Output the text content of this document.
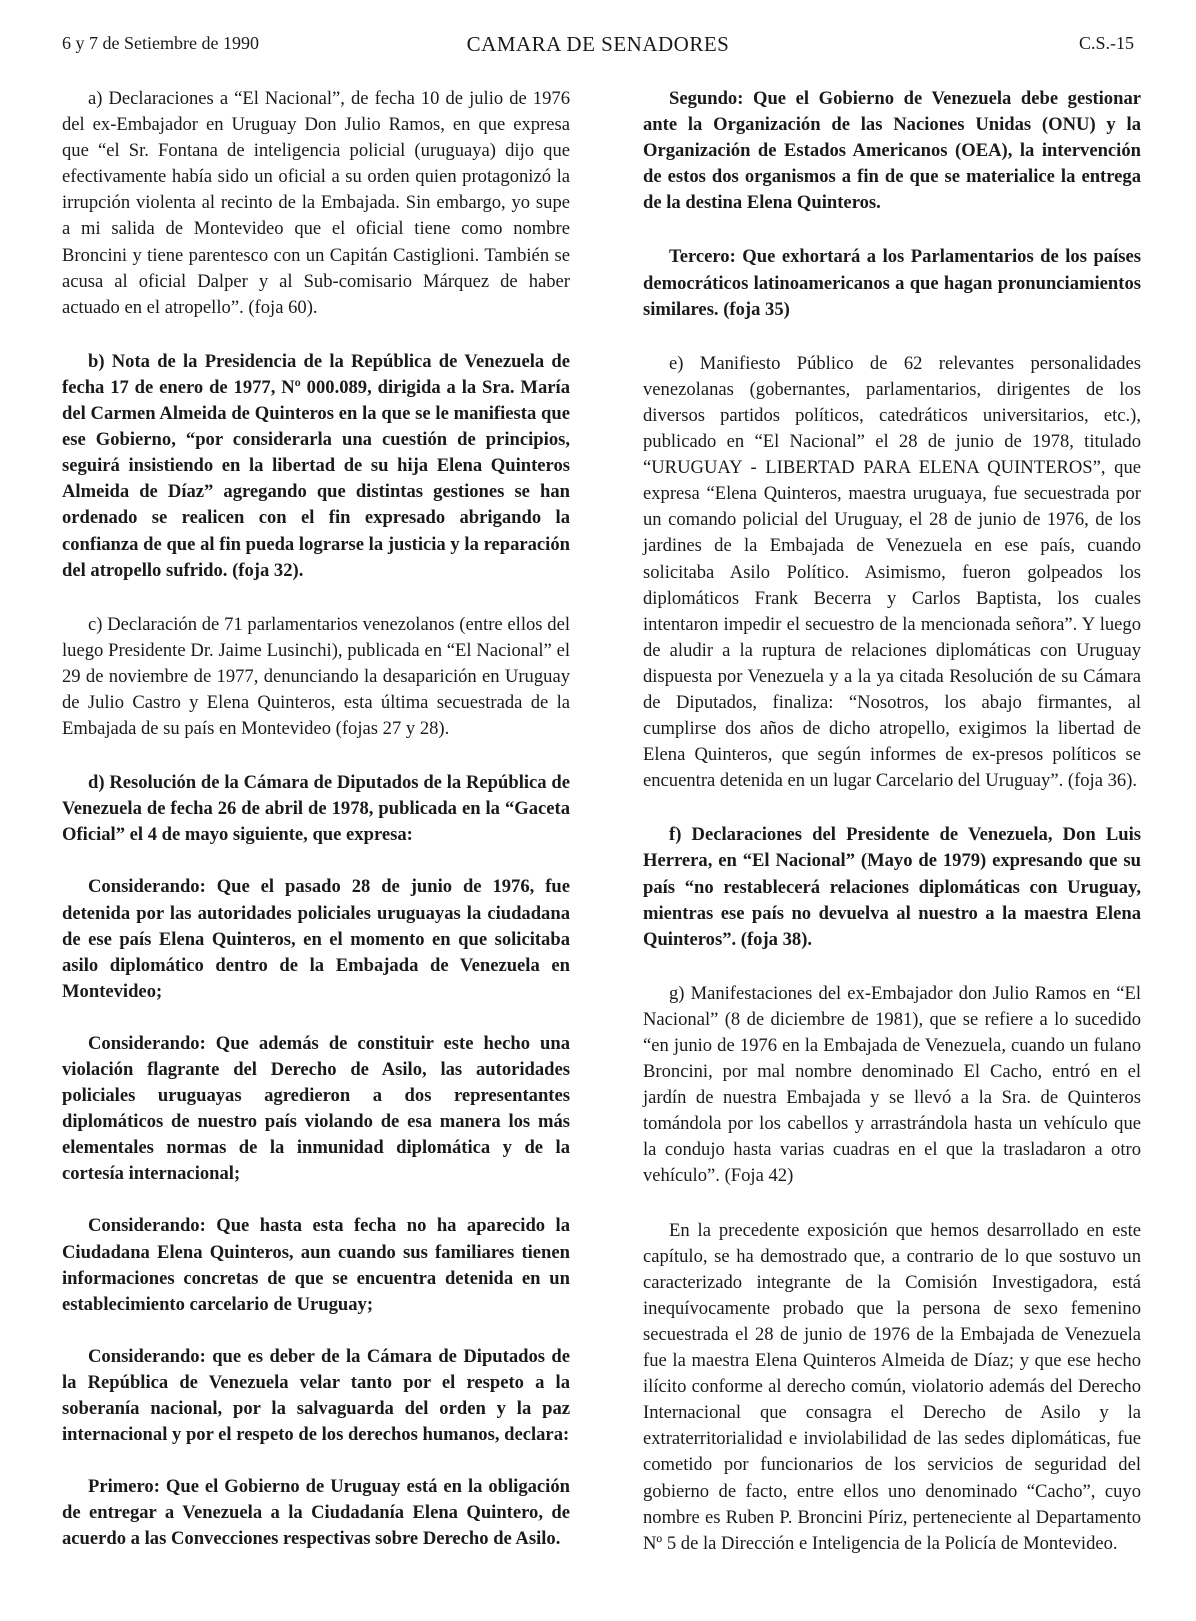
6 y 7 de Setiembre de 1990	CAMARA DE SENADORES	C.S.-15

a) Declaraciones a “El Nacional”, de fecha 10 de julio de 1976 del ex-Embajador en Uruguay Don Julio Ramos, en que expresa que “el Sr. Fontana de inteligencia policial (uruguaya) dijo que efectivamente había sido un oficial a su orden quien protagonizó la irrupción violenta al recinto de la Embajada. Sin embargo, yo supe a mi salida de Montevideo que el oficial tiene como nombre Broncini y tiene parentesco con un Capitán Castiglioni. También se acusa al oficial Dalper y al Sub-comisario Márquez de haber actuado en el atropello”. (foja 60).

b) Nota de la Presidencia de la República de Venezuela de fecha 17 de enero de 1977, Nº 000.089, dirigida a la Sra. María del Carmen Almeida de Quinteros en la que se le manifiesta que ese Gobierno, “por considerarla una cuestión de principios, seguirá insistiendo en la libertad de su hija Elena Quinteros Almeida de Díaz” agregando que distintas gestiones se han ordenado se realicen con el fin expresado abrigando la confianza de que al fin pueda lograrse la justicia y la reparación del atropello sufrido. (foja 32).

c) Declaración de 71 parlamentarios venezolanos (entre ellos del luego Presidente Dr. Jaime Lusinchi), publicada en “El Nacional” el 29 de noviembre de 1977, denunciando la desaparición en Uruguay de Julio Castro y Elena Quinteros, esta última secuestrada de la Embajada de su país en Montevideo (fojas 27 y 28).

d) Resolución de la Cámara de Diputados de la República de Venezuela de fecha 26 de abril de 1978, publicada en la “Gaceta Oficial” el 4 de mayo siguiente, que expresa:

Considerando: Que el pasado 28 de junio de 1976, fue detenida por las autoridades policiales uruguayas la ciudadana de ese país Elena Quinteros, en el momento en que solicitaba asilo diplomático dentro de la Embajada de Venezuela en Montevideo;

Considerando: Que además de constituir este hecho una violación flagrante del Derecho de Asilo, las autoridades policiales uruguayas agredieron a dos representantes diplomáticos de nuestro país violando de esa manera los más elementales normas de la inmunidad diplomática y de la cortesía internacional;

Considerando: Que hasta esta fecha no ha aparecido la Ciudadana Elena Quinteros, aun cuando sus familiares tienen informaciones concretas de que se encuentra detenida en un establecimiento carcelario de Uruguay;

Considerando: que es deber de la Cámara de Diputados de la República de Venezuela velar tanto por el respeto a la soberanía nacional, por la salvaguarda del orden y la paz internacional y por el respeto de los derechos humanos, declara:

Primero: Que el Gobierno de Uruguay está en la obligación de entregar a Venezuela a la Ciudadanía Elena Quintero, de acuerdo a las Convecciones respectivas sobre Derecho de Asilo.

Segundo: Que el Gobierno de Venezuela debe gestionar ante la Organización de las Naciones Unidas (ONU) y la Organización de Estados Americanos (OEA), la intervención de estos dos organismos a fin de que se materialice la entrega de la destina Elena Quinteros.

Tercero: Que exhortará a los Parlamentarios de los países democráticos latinoamericanos a que hagan pronunciamientos similares. (foja 35)

e) Manifiesto Público de 62 relevantes personalidades venezolanas (gobernantes, parlamentarios, dirigentes de los diversos partidos políticos, catedráticos universitarios, etc.), publicado en “El Nacional” el 28 de junio de 1978, titulado “URUGUAY - LIBERTAD PARA ELENA QUINTEROS”, que expresa “Elena Quinteros, maestra uruguaya, fue secuestrada por un comando policial del Uruguay, el 28 de junio de 1976, de los jardines de la Embajada de Venezuela en ese país, cuando solicitaba Asilo Político. Asimismo, fueron golpeados los diplomáticos Frank Becerra y Carlos Baptista, los cuales intentaron impedir el secuestro de la mencionada señora”. Y luego de aludir a la ruptura de relaciones diplomáticas con Uruguay dispuesta por Venezuela y a la ya citada Resolución de su Cámara de Diputados, finaliza: “Nosotros, los abajo firmantes, al cumplirse dos años de dicho atropello, exigimos la libertad de Elena Quinteros, que según informes de ex-presos políticos se encuentra detenida en un lugar Carcelario del Uruguay”. (foja 36).

f) Declaraciones del Presidente de Venezuela, Don Luis Herrera, en “El Nacional” (Mayo de 1979) expresando que su país “no restablecerá relaciones diplomáticas con Uruguay, mientras ese país no devuelva al nuestro a la maestra Elena Quinteros”. (foja 38).

g) Manifestaciones del ex-Embajador don Julio Ramos en “El Nacional” (8 de diciembre de 1981), que se refiere a lo sucedido “en junio de 1976 en la Embajada de Venezuela, cuando un fulano Broncini, por mal nombre denominado El Cacho, entró en el jardín de nuestra Embajada y se llevó a la Sra. de Quinteros tomándola por los cabellos y arrastrándola hasta un vehículo que la condujo hasta varias cuadras en el que la trasladaron a otro vehículo”. (Foja 42)

En la precedente exposición que hemos desarrollado en este capítulo, se ha demostrado que, a contrario de lo que sostuvo un caracterizado integrante de la Comisión Investigadora, está inequívocamente probado que la persona de sexo femenino secuestrada el 28 de junio de 1976 de la Embajada de Venezuela fue la maestra Elena Quinteros Almeida de Díaz; y que ese hecho ilícito conforme al derecho común, violatorio además del Derecho Internacional que consagra el Derecho de Asilo y la extraterritorialidad e inviolabilidad de las sedes diplomáticas, fue cometido por funcionarios de los servicios de seguridad del gobierno de facto, entre ellos uno denominado “Cacho”, cuyo nombre es Ruben P. Broncini Píriz, perteneciente al Departamento Nº 5 de la Dirección e Inteligencia de la Policía de Montevideo.
